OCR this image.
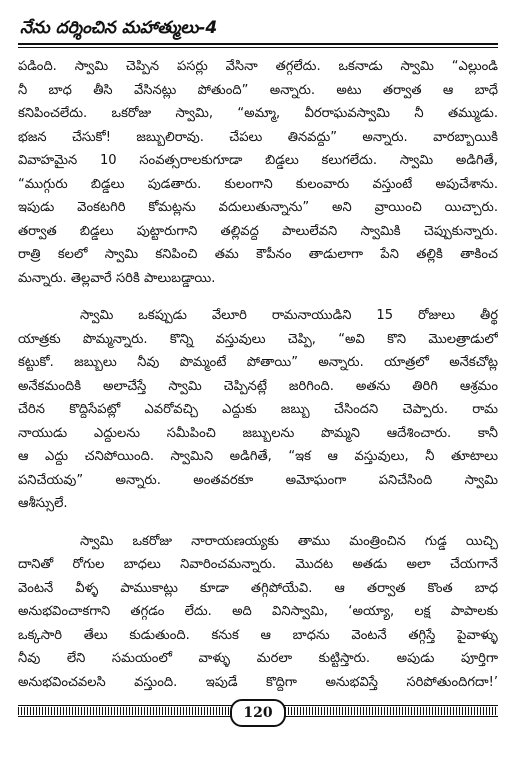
నేను దర్శించిన మహాత్ములు-4
పడింది. స్వామి చెప్పిన పసర్లు వేసినా తగ్గలేదు. ఒకనాడు స్వామి “ఎల్లుండి
నీ బాధ తీసి వేసినట్లు పోతుంది” అన్నారు. అటు తర్వాత ఆ బాధే
కనిపించలేదు. ఒకరోజు స్వామి, “అమ్మా, వీరరాఘవస్వామి నీ తమ్ముడు.
భజన చేసుకో! జబ్బులిరావు. చేపలు తినవద్దు” అన్నారు. వారబ్బాయికి
వివాహమైన 10 సంవత్సరాలకుగూడా బిడ్డలు కలుగలేదు. స్వామి అడిగితే,
“ముగ్గురు బిడ్డలు పుడతారు. కులంగాని కులంవారు వస్తుంటే అపుచేశాను.
ఇపుడు వెంకటగిరి కోమట్లను వదులుతున్నాను” అని వ్రాయించి యిచ్చారు.
తర్వాత బిడ్డలు పుట్టారుగాని తల్లివద్ద పాలులేవని స్వామికి చెప్పుకున్నారు.
రాత్రి కలలో స్వామి కనిపించి తమ కౌపీనం తాడులాగా పేని తల్లికి తాకించ
మన్నారు. తెల్లవారే సరికి పాలుబడ్డాయి.
స్వామి ఒకప్పుడు వేలూరి రామనాయుడిని 15 రోజులు తీర్థ
యాత్రకు పొమ్మన్నారు. కొన్ని వస్తువులు చెప్పి, “అవి కొని మొలత్రాడులో
కట్టుకో. జబ్బులు నీవు పొమ్మంటే పోతాయి” అన్నారు. యాత్రలో అనేకచోట్ల
అనేకమందికి అలాచేస్తే స్వామి చెప్పినట్లే జరిగింది. అతను తిరిగి ఆశ్రమం
చేరిన కొద్దిసేపట్లో ఎవరోవచ్చి ఎద్దుకు జబ్బు చేసిందని చెప్పారు. రామ
నాయుడు ఎద్దులను సమీపించి జబ్బులను పొమ్మని ఆదేశించారు. కానీ
ఆ ఎద్దు చనిపోయింది. స్వామిని అడిగితే, “ఇక ఆ వస్తువులు, నీ తూటాలు
పనిచేయవు” అన్నారు. అంతవరకూ అమోఘంగా పనిచేసింది స్వామి
ఆశీస్సులే.
స్వామి ఒకరోజు నారాయణయ్యకు తాము మంత్రించిన గుడ్డ యిచ్చి
దానితో రోగుల బాధలు నివారించమన్నారు. మొదట అతడు అలా చేయగానే
వెంటనే వీళ్ళ పాముకాట్లు కూడా తగ్గిపోయేవి. ఆ తర్వాత కొంత బాధ
అనుభవించాకగాని తగ్గడం లేదు. అది వినిస్వామి, ‘అయ్యా, లక్ష పాపాలకు
ఒక్కసారి తేలు కుడుతుంది. కనుక ఆ బాధను వెంటనే తగ్గిస్తే పైవాళ్ళు
నీవు లేని సమయంలో వాళ్ళు మరలా కుట్టిస్తారు. అపుడు పూర్తిగా
అనుభవించవలసి వస్తుంది. ఇపుడే కొద్దిగా అనుభవిస్తే సరిపోతుందిగదా!’
120
